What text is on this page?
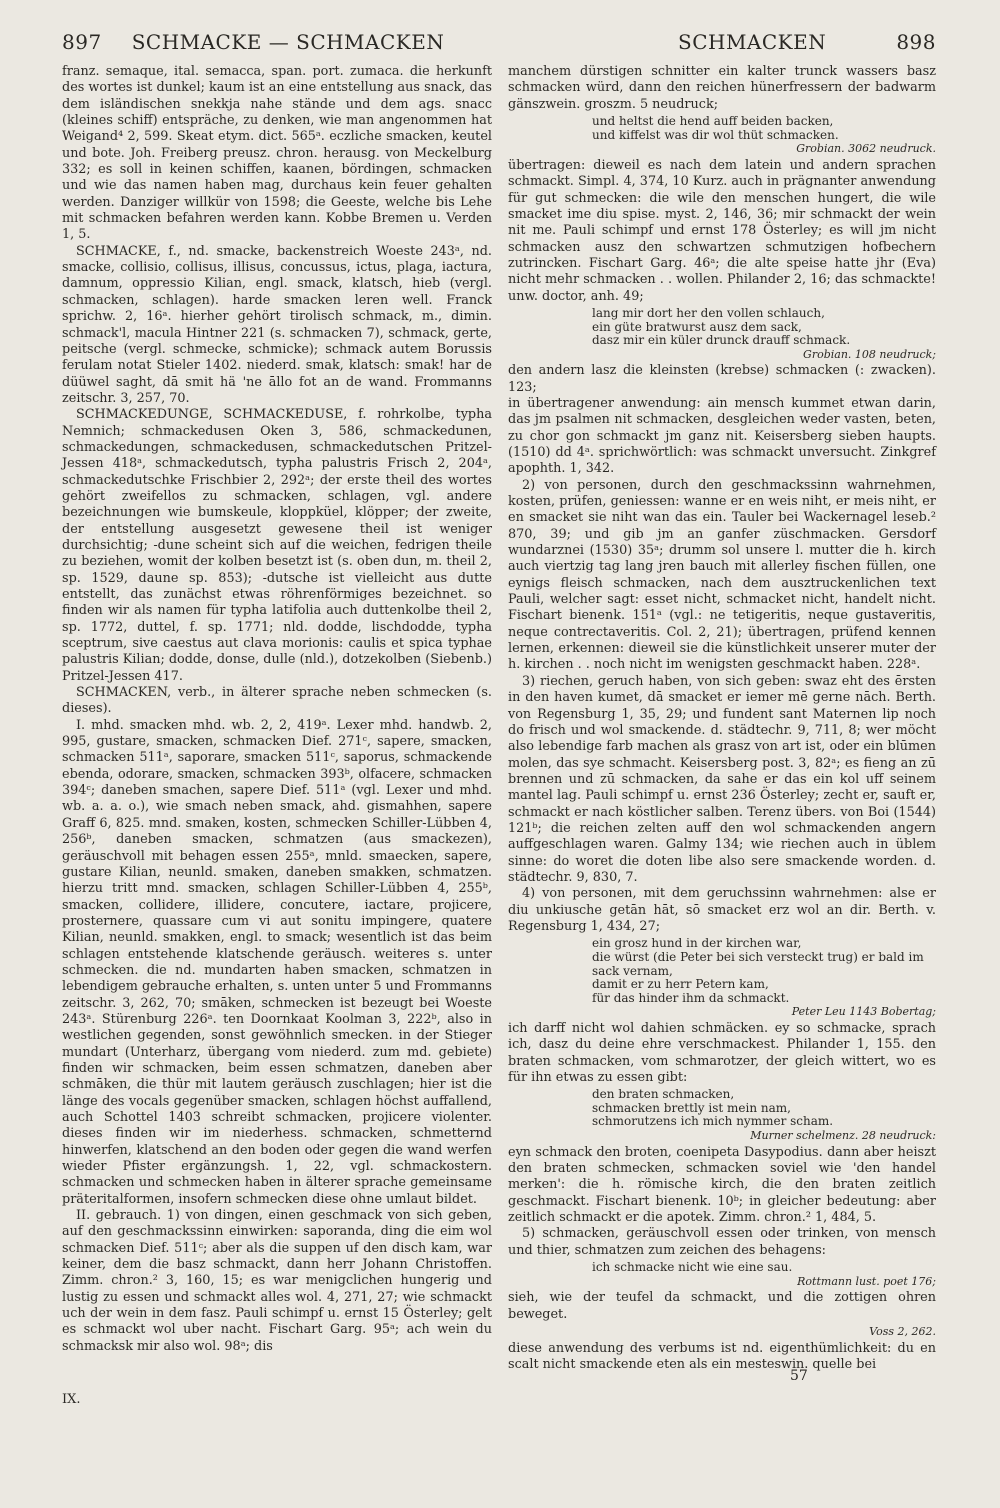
897 SCHMACKE — SCHMACKEN	SCHMACKEN	898

franz. semaque, ital. semacca, span. port. zumaca. die herkunft des wortes ist dunkel; kaum ist an eine entstellung aus snack, das dem isländischen snekkja nahe stände und dem ags. snacc (kleines schiff) entspräche, zu denken, wie man angenommen hat Weigand⁴ 2, 599. Skeat etym. dict. 565ᵃ. eczliche smacken, keutel und bote. Joh. Freiberg preusz. chron. herausg. von Meckelburg 332; es soll in keinen schiffen, kaanen, bördingen, schmacken und wie das namen haben mag, durchaus kein feuer gehalten werden. Danziger willkür von 1598; die Geeste, welche bis Lehe mit schmacken befahren werden kann. Kobbe Bremen u. Verden 1, 5.

SCHMACKE, f., nd. smacke, backenstreich Woeste 243ᵃ, nd. smacke, collisio, collisus, illisus, concussus, ictus, plaga, iactura, damnum, oppressio Kilian, engl. smack, klatsch, hieb (vergl. schmacken, schlagen). harde smacken leren well. Franck sprichw. 2, 16ᵃ. hierher gehört tirolisch schmack, m., dimin. schmack'l, macula Hintner 221 (s. schmacken 7), schmack, gerte, peitsche (vergl. schmecke, schmicke); schmack autem Borussis ferulam notat Stieler 1402. niederd. smak, klatsch: smak! har de düüwel saght, dā smit hä 'ne āllo fot an de wand. Frommanns zeitschr. 3, 257, 70.

SCHMACKEDUNGE, SCHMACKEDUSE, f. rohrkolbe, typha Nemnich; schmackedusen Oken 3, 586, schmackedunen, schmackedungen, schmackedusen, schmackedutschen Pritzel-Jessen 418ᵃ, schmackedutsch, typha palustris Frisch 2, 204ᵃ, schmackedutschke Frischbier 2, 292ᵃ; der erste theil des wortes gehört zweifellos zu schmacken, schlagen, vgl. andere bezeichnungen wie bumskeule, kloppküel, klöpper; der zweite, der entstellung ausgesetzt gewesene theil ist weniger durchsichtig; -dune scheint sich auf die weichen, fedrigen theile zu beziehen, womit der kolben besetzt ist (s. oben dun, m. theil 2, sp. 1529, daune sp. 853); -dutsche ist vielleicht aus dutte entstellt, das zunächst etwas röhrenförmiges bezeichnet. so finden wir als namen für typha latifolia auch duttenkolbe theil 2, sp. 1772, duttel, f. sp. 1771; nld. dodde, lischdodde, typha sceptrum, sive caestus aut clava morionis: caulis et spica typhae palustris Kilian; dodde, donse, dulle (nld.), dotzekolben (Siebenb.) Pritzel-Jessen 417.

SCHMACKEN, verb., in älterer sprache neben schmecken (s. dieses).

I. mhd. smacken mhd. wb. 2, 2, 419ᵃ. Lexer mhd. handwb. 2, 995, gustare, smacken, schmacken Dief. 271ᶜ, sapere, smacken, schmacken 511ᵃ, saporare, smacken 511ᶜ, saporus, schmackende ebenda, odorare, smacken, schmacken 393ᵇ, olfacere, schmacken 394ᶜ; daneben smachen, sapere Dief. 511ᵃ (vgl. Lexer und mhd. wb. a. a. o.), wie smach neben smack, ahd. gismahhen, sapere Graff 6, 825. mnd. smaken, kosten, schmecken Schiller-Lübben 4, 256ᵇ, daneben smacken, schmatzen (aus smackezen), geräuschvoll mit behagen essen 255ᵃ, mnld. smaecken, sapere, gustare Kilian, neunld. smaken, daneben smakken, schmatzen. hierzu tritt mnd. smacken, schlagen Schiller-Lübben 4, 255ᵇ, smacken, collidere, illidere, concutere, iactare, projicere, prosternere, quassare cum vi aut sonitu impingere, quatere Kilian, neunld. smakken, engl. to smack; wesentlich ist das beim schlagen entstehende klatschende geräusch. weiteres s. unter schmecken. die nd. mundarten haben smacken, schmatzen in lebendigem gebrauche erhalten, s. unten unter 5 und Frommanns zeitschr. 3, 262, 70; smāken, schmecken ist bezeugt bei Woeste 243ᵃ. Stürenburg 226ᵃ. ten Doornkaat Koolman 3, 222ᵇ, also in westlichen gegenden, sonst gewöhnlich smecken. in der Stieger mundart (Unterharz, übergang vom niederd. zum md. gebiete) finden wir schmacken, beim essen schmatzen, daneben aber schmāken, die thür mit lautem geräusch zuschlagen; hier ist die länge des vocals gegenüber smacken, schlagen höchst auffallend, auch Schottel 1403 schreibt schmacken, projicere violenter. dieses finden wir im niederhess. schmacken, schmetternd hinwerfen, klatschend an den boden oder gegen die wand werfen wieder Pfister ergänzungsh. 1, 22, vgl. schmackostern. schmacken und schmecken haben in älterer sprache gemeinsame präteritalformen, insofern schmecken diese ohne umlaut bildet.

II. gebrauch. 1) von dingen, einen geschmack von sich geben, auf den geschmackssinn einwirken: saporanda, ding die eim wol schmacken Dief. 511ᶜ; aber als die suppen uf den disch kam, war keiner, dem die basz schmackt, dann herr Johann Christoffen. Zimm. chron.² 3, 160, 15; es war menigclichen hungerig und lustig zu essen und schmackt alles wol. 4, 271, 27; wie schmackt uch der wein in dem fasz. Pauli schimpf u. ernst 15 Österley; gelt es schmackt wol uber nacht. Fischart Garg. 95ᵃ; ach wein du schmacksk mir also wol. 98ᵃ; dis

IX.

manchem dürstigen schnitter ein kalter trunck wassers basz schmacken würd, dann den reichen hünerfressern der badwarm gänszwein. groszm. 5 neudruck;

und heltst die hend auff beiden backen,
und kiffelst was dir wol thüt schmacken.
Grobian. 3062 neudruck.

übertragen: dieweil es nach dem latein und andern sprachen schmackt. Simpl. 4, 374, 10 Kurz. auch in prägnanter anwendung für gut schmecken: die wile den menschen hungert, die wile smacket ime diu spise. myst. 2, 146, 36; mir schmackt der wein nit me. Pauli schimpf und ernst 178 Österley; es will jm nicht schmacken ausz den schwartzen schmutzigen hofbechern zutrincken. Fischart Garg. 46ᵃ; die alte speise hatte jhr (Eva) nicht mehr schmacken . . wollen. Philander 2, 16; das schmackte! unw. doctor, anh. 49;

lang mir dort her den vollen schlauch,
ein güte bratwurst ausz dem sack,
dasz mir ein küler drunck drauff schmack.
Grobian. 108 neudruck;

den andern lasz die kleinsten (krebse) schmacken (: zwacken). 123;

in übertragener anwendung: ain mensch kummet etwan darin, das jm psalmen nit schmacken, desgleichen weder vasten, beten, zu chor gon schmackt jm ganz nit. Keisersberg sieben haupts. (1510) dd 4ᵃ. sprichwörtlich: was schmackt unversucht. Zinkgref apophth. 1, 342.

2) von personen, durch den geschmackssinn wahrnehmen, kosten, prüfen, geniessen: wanne er en weis niht, er meis niht, er en smacket sie niht wan das ein. Tauler bei Wackernagel leseb.² 870, 39; und gib jm an ganfer züschmacken. Gersdorf wundarznei (1530) 35ᵃ; drumm sol unsere l. mutter die h. kirch auch viertzig tag lang jren bauch mit allerley fischen füllen, one eynigs fleisch schmacken, nach dem ausztruckenlichen text Pauli, welcher sagt: esset nicht, schmacket nicht, handelt nicht. Fischart bienenk. 151ᵃ (vgl.: ne tetigeritis, neque gustaveritis, neque contrectaveritis. Col. 2, 21); übertragen, prüfend kennen lernen, erkennen: dieweil sie die künstlichkeit unserer muter der h. kirchen . . noch nicht im wenigsten geschmackt haben. 228ᵃ.

3) riechen, geruch haben, von sich geben: swaz eht des ērsten in den haven kumet, dā smacket er iemer mē gerne nāch. Berth. von Regensburg 1, 35, 29; und fundent sant Maternen lip noch do frisch und wol smackende. d. städtechr. 9, 711, 8; wer möcht also lebendige farb machen als grasz von art ist, oder ein blūmen molen, das sye schmacht. Keisersberg post. 3, 82ᵃ; es fieng an zū brennen und zū schmacken, da sahe er das ein kol uff seinem mantel lag. Pauli schimpf u. ernst 236 Österley; zecht er, sauft er, schmackt er nach köstlicher salben. Terenz übers. von Boi (1544) 121ᵇ; die reichen zelten auff den wol schmackenden angern auffgeschlagen waren. Galmy 134; wie riechen auch in üblem sinne: do woret die doten libe also sere smackende worden. d. städtechr. 9, 830, 7.

4) von personen, mit dem geruchssinn wahrnehmen: alse er diu unkiusche getān hāt, sō smacket erz wol an dir. Berth. v. Regensburg 1, 434, 27;

ein grosz hund in der kirchen war,
die würst (die Peter bei sich versteckt trug) er bald im
sack vernam,
damit er zu herr Petern kam,
für das hinder ihm da schmackt.
Peter Leu 1143 Bobertag;

ich darff nicht wol dahien schmäcken. ey so schmacke, sprach ich, dasz du deine ehre verschmackest. Philander 1, 155. den braten schmacken, vom schmarotzer, der gleich wittert, wo es für ihn etwas zu essen gibt:

den braten schmacken,
schmacken brettly ist mein nam,
schmorutzens ich mich nymmer scham.
Murner schelmenz. 28 neudruck:

eyn schmack den broten, coenipeta Dasypodius. dann aber heiszt den braten schmecken, schmacken soviel wie 'den handel merken': die h. römische kirch, die den braten zeitlich geschmackt. Fischart bienenk. 10ᵇ; in gleicher bedeutung: aber zeitlich schmackt er die apotek. Zimm. chron.² 1, 484, 5.

5) schmacken, geräuschvoll essen oder trinken, von mensch und thier, schmatzen zum zeichen des behagens:

ich schmacke nicht wie eine sau.
Rottmann lust. poet 176;

sieh, wie der teufel da schmackt, und die zottigen ohren beweget.

Voss 2, 262.

diese anwendung des verbums ist nd. eigenthümlichkeit: du en scalt nicht smackende eten als ein mesteswin. quelle bei

57
